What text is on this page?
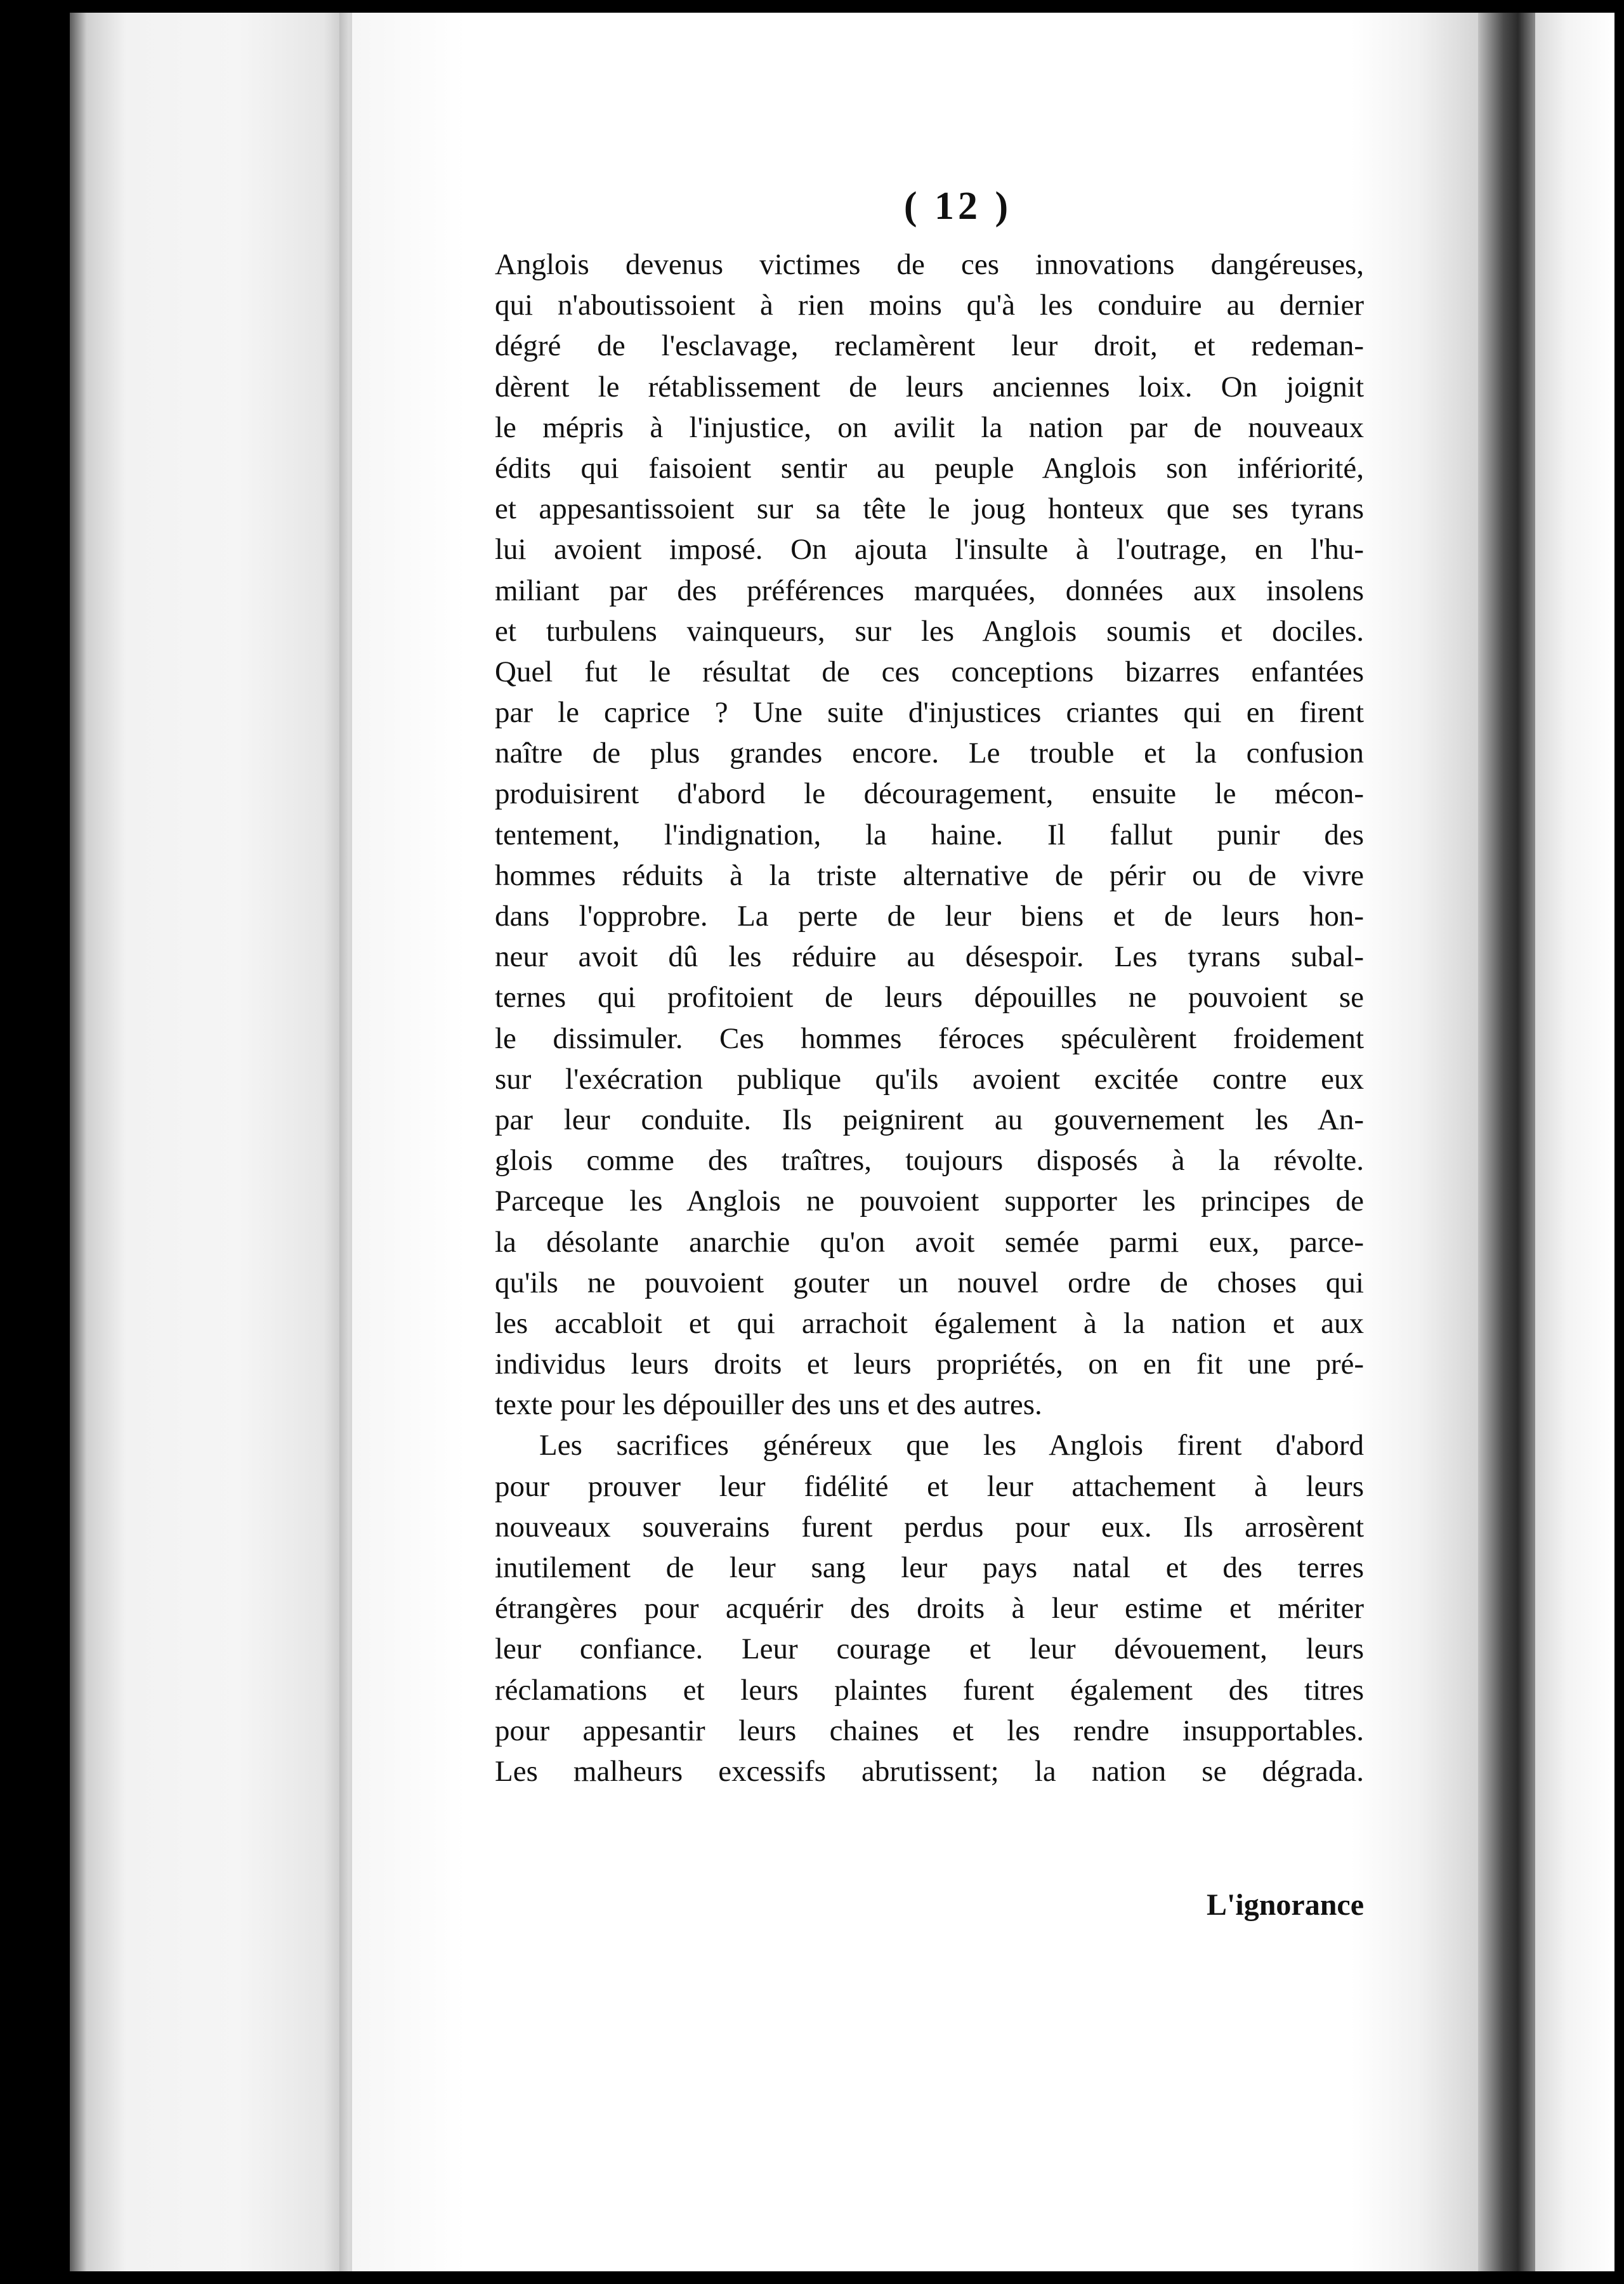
( 12 )
Anglois devenus victimes de ces innovations dangéreuses,
qui n'aboutissoient à rien moins qu'à les conduire au dernier
dégré de l'esclavage, reclamèrent leur droit, et redeman-
dèrent le rétablissement de leurs anciennes loix. On joignit
le mépris à l'injustice, on avilit la nation par de nouveaux
édits qui faisoient sentir au peuple Anglois son infériorité,
et appesantissoient sur sa tête le joug honteux que ses tyrans
lui avoient imposé. On ajouta l'insulte à l'outrage, en l'hu-
miliant par des préférences marquées, données aux insolens
et turbulens vainqueurs, sur les Anglois soumis et dociles.
Quel fut le résultat de ces conceptions bizarres enfantées
par le caprice ? Une suite d'injustices criantes qui en firent
naître de plus grandes encore. Le trouble et la confusion
produisirent d'abord le découragement, ensuite le mécon-
tentement, l'indignation, la haine. Il fallut punir des
hommes réduits à la triste alternative de périr ou de vivre
dans l'opprobre. La perte de leur biens et de leurs hon-
neur avoit dû les réduire au désespoir. Les tyrans subal-
ternes qui profitoient de leurs dépouilles ne pouvoient se
le dissimuler. Ces hommes féroces spéculèrent froidement
sur l'exécration publique qu'ils avoient excitée contre eux
par leur conduite. Ils peignirent au gouvernement les An-
glois comme des traîtres, toujours disposés à la révolte.
Parceque les Anglois ne pouvoient supporter les principes de
la désolante anarchie qu'on avoit semée parmi eux, parce-
qu'ils ne pouvoient gouter un nouvel ordre de choses qui
les accabloit et qui arrachoit également à la nation et aux
individus leurs droits et leurs propriétés, on en fit une pré-
texte pour les dépouiller des uns et des autres.
Les sacrifices généreux que les Anglois firent d'abord
pour prouver leur fidélité et leur attachement à leurs
nouveaux souverains furent perdus pour eux. Ils arrosèrent
inutilement de leur sang leur pays natal et des terres
étrangères pour acquérir des droits à leur estime et mériter
leur confiance. Leur courage et leur dévouement, leurs
réclamations et leurs plaintes furent également des titres
pour appesantir leurs chaines et les rendre insupportables.
Les malheurs excessifs abrutissent; la nation se dégrada.
L'ignorance
